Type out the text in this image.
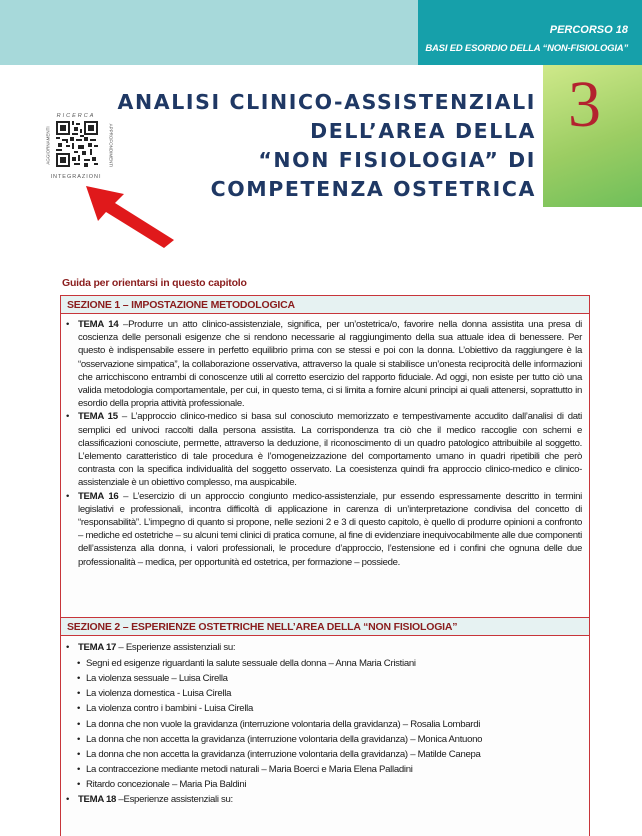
PERCORSO 18
BASI ED ESORDIO DELLA “NON-FISIOLOGIA”
3
ANALISI CLINICO-ASSISTENZIALI
DELL’AREA DELLA
“NON FISIOLOGIA” DI
COMPETENZA OSTETRICA
RICERCA
AGGIORNAMENTI	APPROFONDIMENTI
INTEGRAZIONI
Guida per orientarsi in questo capitolo
SEZIONE 1 – IMPOSTAZIONE METODOLOGICA

• TEMA 14 –Produrre un atto clinico-assistenziale, significa, per un’ostetrica/o, favorire nella donna assistita una presa di coscienza delle personali esigenze che si rendono necessarie al raggiungimento della sua attuale idea di benessere. Per questo è indispensabile essere in perfetto equilibrio prima con se stessi e poi con la donna. L’obiettivo da raggiungere è la “osservazione simpatica”, la collaborazione osservativa, attraverso la quale si stabilisce un’onesta reciprocità delle informazioni che arricchiscono entrambi di conoscenze utili al corretto esercizio del rapporto fiduciale. Ad oggi, non esiste per tutto ciò una valida metodologia comportamentale, per cui, in questo tema, ci si limita a fornire alcuni principi ai quali attenersi, soprattutto in esordio della propria attività professionale.

• TEMA 15 – L’approccio clinico-medico si basa sul conosciuto memorizzato e tempestivamente accudito dall’analisi di dati semplici ed univoci raccolti dalla persona assistita. La corrispondenza tra ciò che il medico raccoglie con schemi e classificazioni conosciute, permette, attraverso la deduzione, il riconoscimento di un quadro patologico attribuibile al soggetto. L’elemento caratteristico di tale procedura è l’omogeneizzazione del comportamento umano in quadri ripetibili che però contrasta con la specifica individualità del soggetto osservato. La coesistenza quindi fra approccio clinico-medico e clinico-assistenziale è un obiettivo complesso, ma auspicabile.

• TEMA 16 – L’esercizio di un approccio congiunto medico-assistenziale, pur essendo espressamente descritto in termini legislativi e professionali, incontra difficoltà di applicazione in carenza di un’interpretazione condivisa del concetto di “responsabilità”. L’impegno di quanto si propone, nelle sezioni 2 e 3 di questo capitolo, è quello di produrre opinioni a confronto – mediche ed ostetriche – su alcuni temi clinici di pratica comune, al fine di evidenziare inequivocabilmente alle due componenti dell’assistenza alla donna, i valori professionali, le procedure d’approccio, l’estensione ed i confini che ognuna delle due professionalità – medica, per opportunità ed ostetrica, per formazione – possiede.

SEZIONE 2 – ESPERIENZE OSTETRICHE NELL’AREA DELLA “NON FISIOLOGIA”

• TEMA 17 – Esperienze assistenziali su:

• Segni ed esigenze riguardanti la salute sessuale della donna – Anna Maria Cristiani

• La violenza sessuale – Luisa Cirella

• La violenza domestica - Luisa Cirella

• La violenza contro i bambini - Luisa Cirella

• La donna che non vuole la gravidanza (interruzione volontaria della gravidanza) – Rosalia Lombardi

• La donna che non accetta la gravidanza (interruzione volontaria della gravidanza) – Monica Antuono

• La donna che non accetta la gravidanza (interruzione volontaria della gravidanza) – Matilde Canepa

• La contraccezione mediante metodi naturali – Maria Boerci e Maria Elena Palladini

• Ritardo concezionale – Maria Pia Baldini

• TEMA 18 –Esperienze assistenziali su:
